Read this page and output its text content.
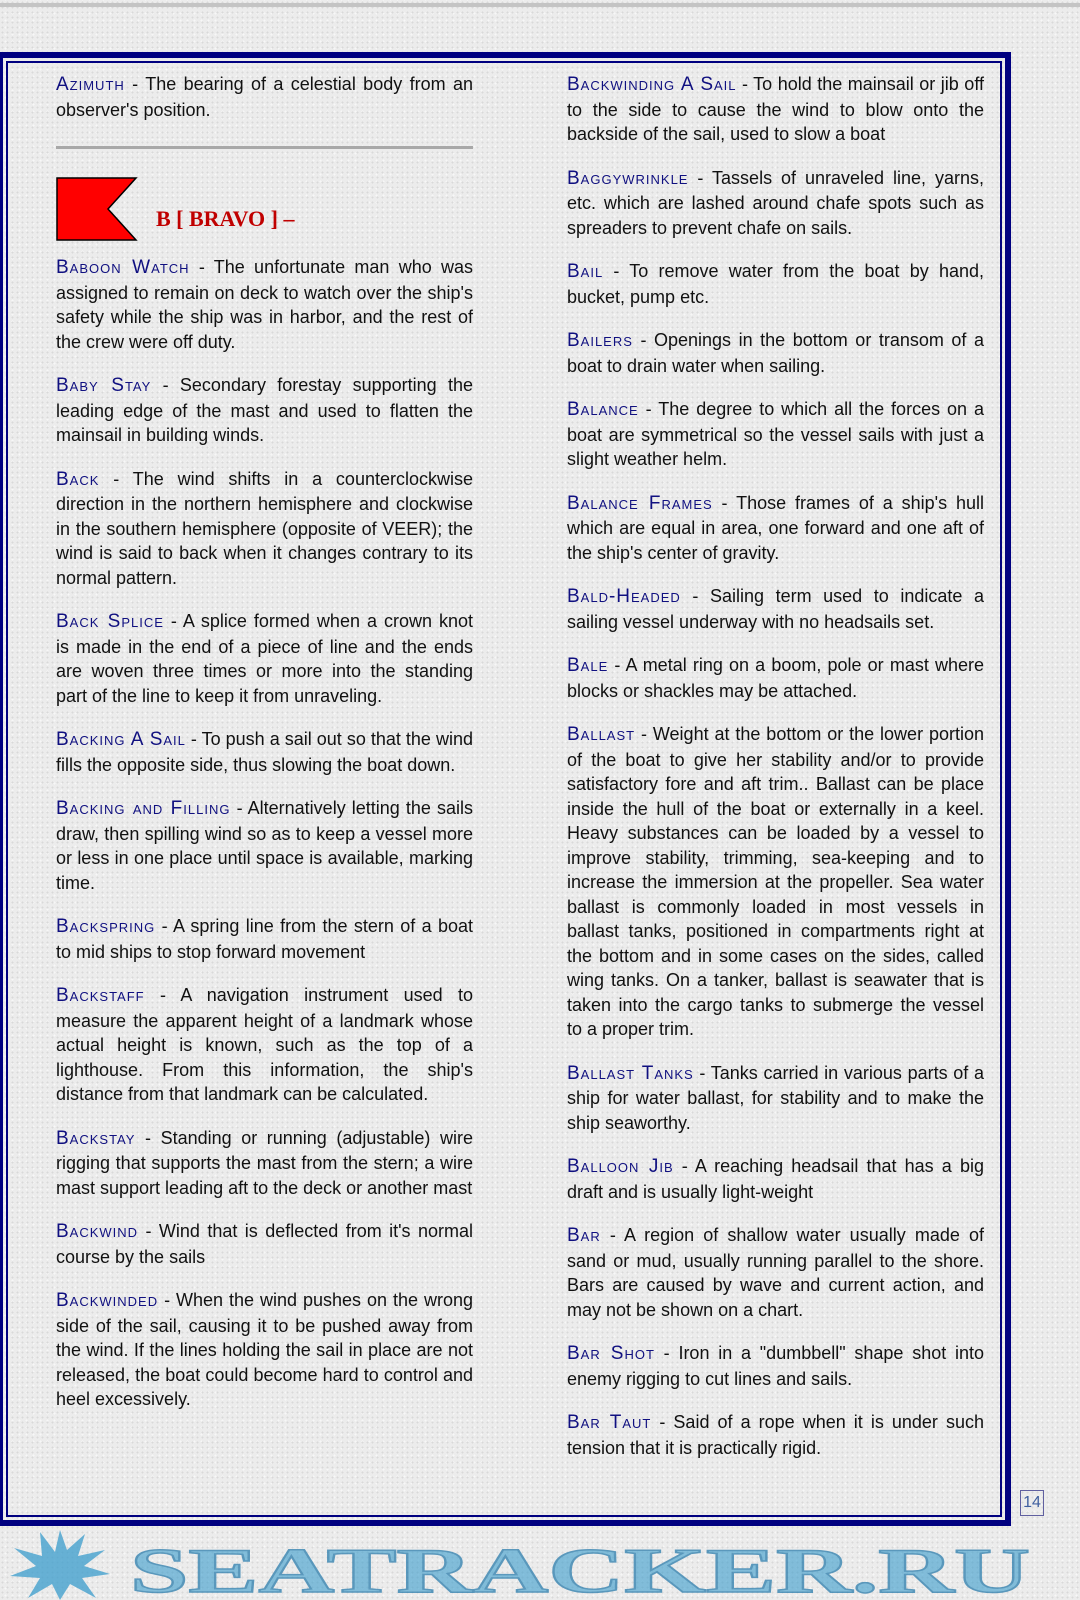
Azimuth - The bearing of a celestial body from an observer's position.

B [ BRAVO ] –

Baboon Watch - The unfortunate man who was assigned to remain on deck to watch over the ship's safety while the ship was in harbor, and the rest of the crew were off duty.

Baby Stay - Secondary forestay supporting the leading edge of the mast and used to flatten the mainsail in building winds.

Back - The wind shifts in a counterclockwise direction in the northern hemisphere and clockwise in the southern hemisphere (opposite of VEER); the wind is said to back when it changes contrary to its normal pattern.

Back Splice - A splice formed when a crown knot is made in the end of a piece of line and the ends are woven three times or more into the standing part of the line to keep it from unraveling.

Backing A Sail - To push a sail out so that the wind fills the opposite side, thus slowing the boat down.

Backing and Filling - Alternatively letting the sails draw, then spilling wind so as to keep a vessel more or less in one place until space is available, marking time.

Backspring - A spring line from the stern of a boat to mid ships to stop forward movement

Backstaff - A navigation instrument used to measure the apparent height of a landmark whose actual height is known, such as the top of a lighthouse. From this information, the ship's distance from that landmark can be calculated.

Backstay - Standing or running (adjustable) wire rigging that supports the mast from the stern; a wire mast support leading aft to the deck or another mast

Backwind - Wind that is deflected from it's normal course by the sails

Backwinded - When the wind pushes on the wrong side of the sail, causing it to be pushed away from the wind. If the lines holding the sail in place are not released, the boat could become hard to control and heel excessively.

Backwinding A Sail - To hold the mainsail or jib off to the side to cause the wind to blow onto the backside of the sail, used to slow a boat

Baggywrinkle - Tassels of unraveled line, yarns, etc. which are lashed around chafe spots such as spreaders to prevent chafe on sails.

Bail - To remove water from the boat by hand, bucket, pump etc.

Bailers - Openings in the bottom or transom of a boat to drain water when sailing.

Balance - The degree to which all the forces on a boat are symmetrical so the vessel sails with just a slight weather helm.

Balance Frames - Those frames of a ship's hull which are equal in area, one forward and one aft of the ship's center of gravity.

Bald-Headed - Sailing term used to indicate a sailing vessel underway with no headsails set.

Bale - A metal ring on a boom, pole or mast where blocks or shackles may be attached.

Ballast - Weight at the bottom or the lower portion of the boat to give her stability and/or to provide satisfactory fore and aft trim.. Ballast can be place inside the hull of the boat or externally in a keel. Heavy substances can be loaded by a vessel to improve stability, trimming, sea-keeping and to increase the immersion at the propeller. Sea water ballast is commonly loaded in most vessels in ballast tanks, positioned in compartments right at the bottom and in some cases on the sides, called wing tanks. On a tanker, ballast is seawater that is taken into the cargo tanks to submerge the vessel to a proper trim.

Ballast Tanks - Tanks carried in various parts of a ship for water ballast, for stability and to make the ship seaworthy.

Balloon Jib - A reaching headsail that has a big draft and is usually light-weight

Bar - A region of shallow water usually made of sand or mud, usually running parallel to the shore. Bars are caused by wave and current action, and may not be shown on a chart.

Bar Shot - Iron in a "dumbbell" shape shot into enemy rigging to cut lines and sails.

Bar Taut - Said of a rope when it is under such tension that it is practically rigid.

14
SEATRACKER.RU
